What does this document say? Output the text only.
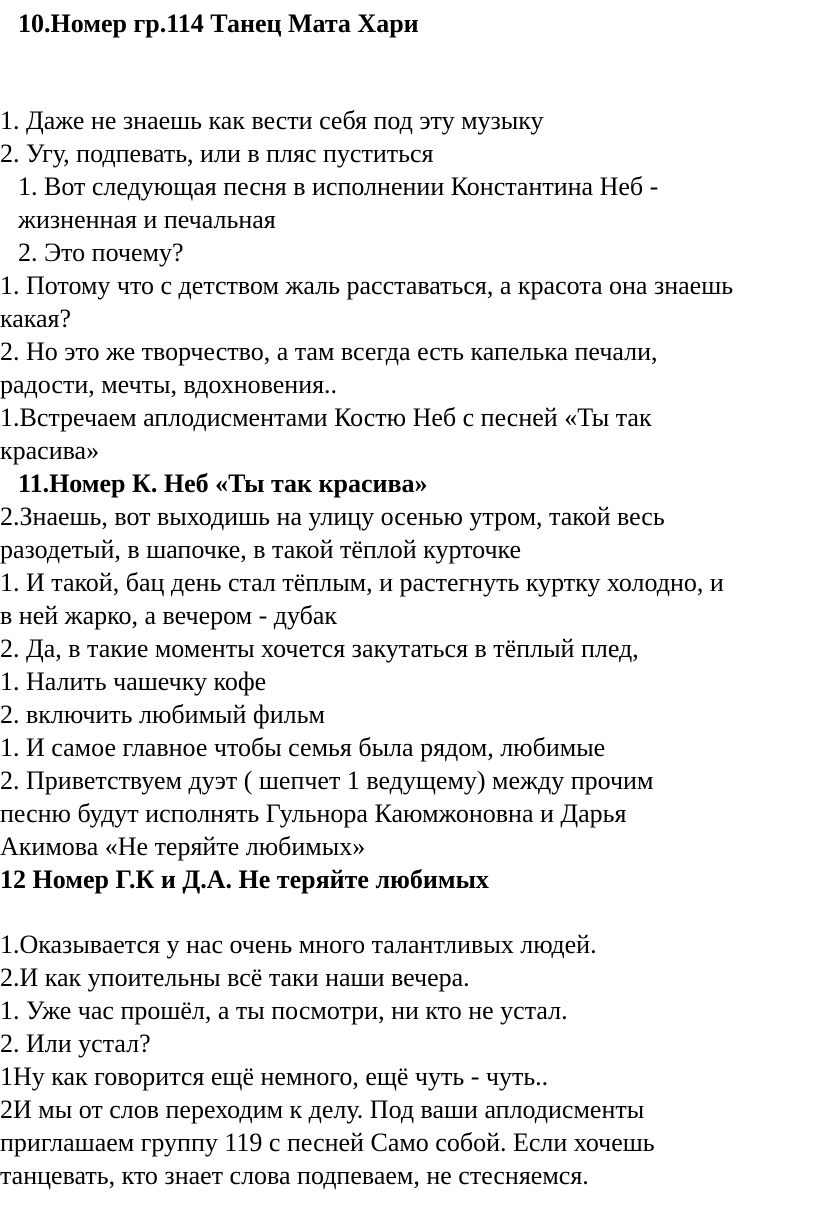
10.Номер гр.114 Танец Мата Хари
1. Даже не знаешь как вести себя под эту музыку
2. Угу, подпевать, или в пляс пуститься
1. Вот следующая песня в исполнении Константина Неб -
жизненная и печальная
2. Это почему?
1. Потому что с детством жаль расставаться, а красота она знаешь
какая?
2. Но это же творчество, а там всегда есть капелька печали,
радости, мечты, вдохновения..
1.Встречаем аплодисментами Костю Неб с песней «Ты так
красива»
11.Номер К. Неб «Ты так красива»
2.Знаешь, вот выходишь на улицу осенью утром, такой весь
разодетый, в шапочке, в такой тёплой курточке
1. И такой, бац день стал тёплым, и растегнуть куртку холодно, и
в ней жарко, а вечером - дубак
2. Да, в такие моменты хочется закутаться в тёплый плед,
1. Налить чашечку кофе
2. включить любимый фильм
1. И самое главное чтобы семья была рядом, любимые
2. Приветствуем дуэт ( шепчет 1 ведущему) между прочим
песню будут исполнять Гульнора Каюмжоновна и Дарья
Акимова «Не теряйте любимых»
12 Номер Г.К и Д.А. Не теряйте любимых
1.Оказывается у нас очень много талантливых людей.
2.И как упоительны всё таки наши вечера.
1. Уже час прошёл, а ты посмотри, ни кто не устал.
2. Или устал?
1Ну как говорится ещё немного, ещё чуть - чуть..
2И мы от слов переходим к делу. Под ваши аплодисменты
приглашаем группу 119 с песней Само собой. Если хочешь
танцевать, кто знает слова подпеваем, не стесняемся.
